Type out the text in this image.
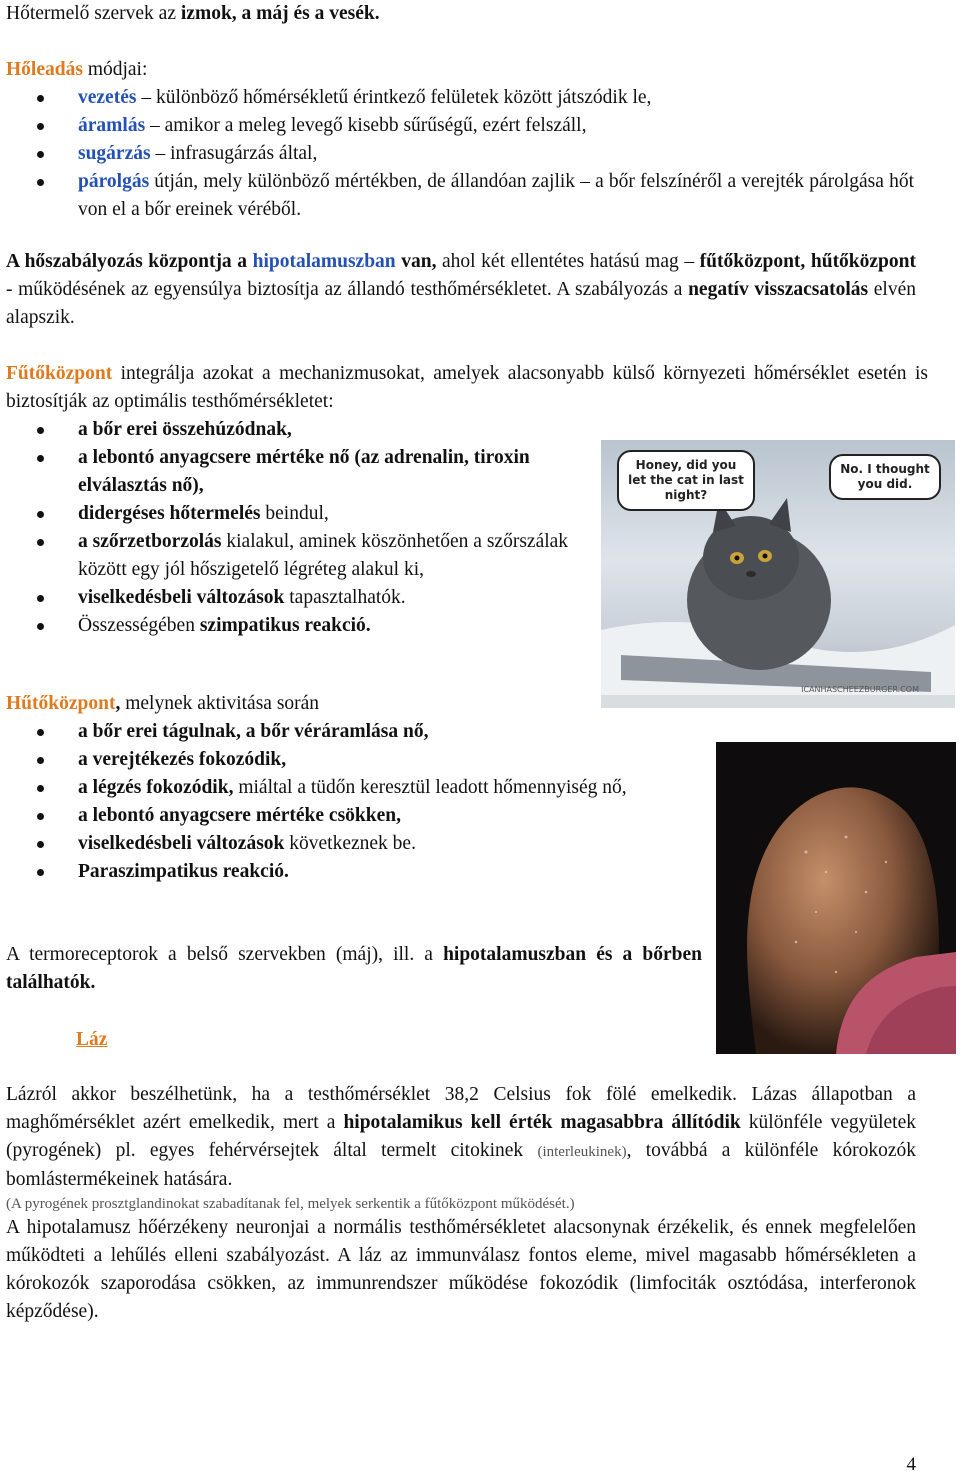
Hőtermelő szervek az izmok, a máj és a vesék.
Hőleadás módjai:
vezetés – különböző hőmérsékletű érintkező felületek között játszódik le,
áramlás – amikor a meleg levegő kisebb sűrűségű, ezért felszáll,
sugárzás – infrasugárzás által,
párolgás útján, mely különböző mértékben, de állandóan zajlik – a bőr felszínéről a verejték párolgása hőt von el a bőr ereinek véréből.
A hőszabályozás központja a hipotalamuszban van, ahol két ellentétes hatású mag – fűtőközpont, hűtőközpont - működésének az egyensúlya biztosítja az állandó testhőmérsékletet. A szabályozás a negatív visszacsatolás elvén alapszik.
Fűtőközpont integrálja azokat a mechanizmusokat, amelyek alacsonyabb külső környezeti hőmérséklet esetén is biztosítják az optimális testhőmérsékletet:
a bőr erei összehúzódnak,
a lebontó anyagcsere mértéke nő (az adrenalin, tiroxin elválasztás nő),
didergéses hőtermelés beindul,
a szőrzetborzolás kialakul, aminek köszönhetően a szőrszálak között egy jól hőszigetelő légréteg alakul ki,
viselkedésbeli változások tapasztalhatók.
Összességében szimpatikus reakció.
Honey, did you let the cat in last night?
No. I thought you did.
ICANHASCHEEZBURGER.COM
Hűtőközpont, melynek aktivitása során
a bőr erei tágulnak, a bőr véráramlása nő,
a verejtékezés fokozódik,
a légzés fokozódik, miáltal a tüdőn keresztül leadott hőmennyiség nő,
a lebontó anyagcsere mértéke csökken,
viselkedésbeli változások következnek be.
Paraszimpatikus reakció.
A termoreceptorok a belső szervekben (máj), ill. a hipotalamuszban és a bőrben találhatók.
Láz
Lázról akkor beszélhetünk, ha a testhőmérséklet 38,2 Celsius fok fölé emelkedik. Lázas állapotban a maghőmérséklet azért emelkedik, mert a hipotalamikus kell érték magasabbra állítódik különféle vegyületek (pyrogének) pl. egyes fehérvérsejtek által termelt citokinek (interleukinek), továbbá a különféle kórokozók bomlástermékeinek hatására.
(A pyrogének prosztglandinokat szabadítanak fel, melyek serkentik a fűtőközpont működését.)
A hipotalamusz hőérzékeny neuronjai a normális testhőmérsékletet alacsonynak érzékelik, és ennek megfelelően működteti a lehűlés elleni szabályozást. A láz az immunválasz fontos eleme, mivel magasabb hőmérsékleten a kórokozók szaporodása csökken, az immunrendszer működése fokozódik (limfociták osztódása, interferonok képződése).
4
